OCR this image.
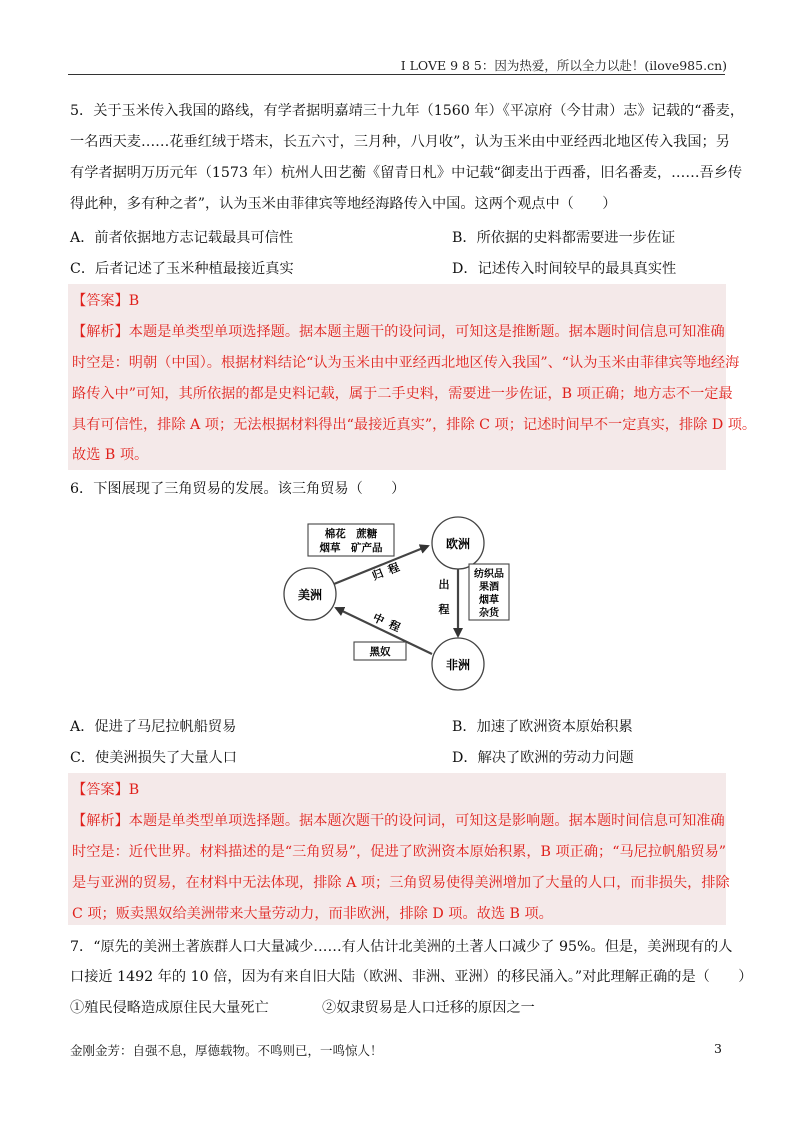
I LOVE 9 8 5：因为热爱，所以全力以赴！(ilove985.cn)
5．关于玉米传入我国的路线，有学者据明嘉靖三十九年（1560 年）《平凉府（今甘肃）志》记载的“番麦，
一名西天麦……花垂红绒于塔末，长五六寸，三月种，八月收”，认为玉米由中亚经西北地区传入我国；另
有学者据明万历元年（1573 年）杭州人田艺蘅《留青日札》中记载“御麦出于西番，旧名番麦，……吾乡传
得此种，多有种之者”，认为玉米由菲律宾等地经海路传入中国。这两个观点中（　　）
A．前者依据地方志记载最具可信性	B．所依据的史料都需要进一步佐证
C．后者记述了玉米种植最接近真实	D．记述传入时间较早的最具真实性
【答案】B
【解析】本题是单类型单项选择题。据本题主题干的设问词，可知这是推断题。据本题时间信息可知准确
时空是：明朝（中国）。根据材料结论“认为玉米由中亚经西北地区传入我国”、“认为玉米由菲律宾等地经海
路传入中”可知，其所依据的都是史料记载，属于二手史料，需要进一步佐证，B 项正确；地方志不一定最
具有可信性，排除 A 项；无法根据材料得出“最接近真实”，排除 C 项；记述时间早不一定真实，排除 D 项。
故选 B 项。
6．下图展现了三角贸易的发展。该三角贸易（　　）
欧洲
美洲
非洲
归 程
棉花　蔗糖
烟草　矿产品
出
程
纺织品
果酒
烟草
杂货
中 程
黑奴
A．促进了马尼拉帆船贸易	B．加速了欧洲资本原始积累
C．使美洲损失了大量人口	D．解决了欧洲的劳动力问题
【答案】B
【解析】本题是单类型单项选择题。据本题次题干的设问词，可知这是影响题。据本题时间信息可知准确
时空是：近代世界。材料描述的是“三角贸易”，促进了欧洲资本原始积累，B 项正确；“马尼拉帆船贸易”
是与亚洲的贸易，在材料中无法体现，排除 A 项；三角贸易使得美洲增加了大量的人口，而非损失，排除
C 项；贩卖黑奴给美洲带来大量劳动力，而非欧洲，排除 D 项。故选 B 项。
7．“原先的美洲土著族群人口大量减少……有人估计北美洲的土著人口减少了 95%。但是，美洲现有的人
口接近 1492 年的 10 倍，因为有来自旧大陆（欧洲、非洲、亚洲）的移民涌入。”对此理解正确的是（　　）
①殖民侵略造成原住民大量死亡	②奴隶贸易是人口迁移的原因之一
金刚金芳：自强不息，厚德载物。不鸣则已，一鸣惊人！	3
